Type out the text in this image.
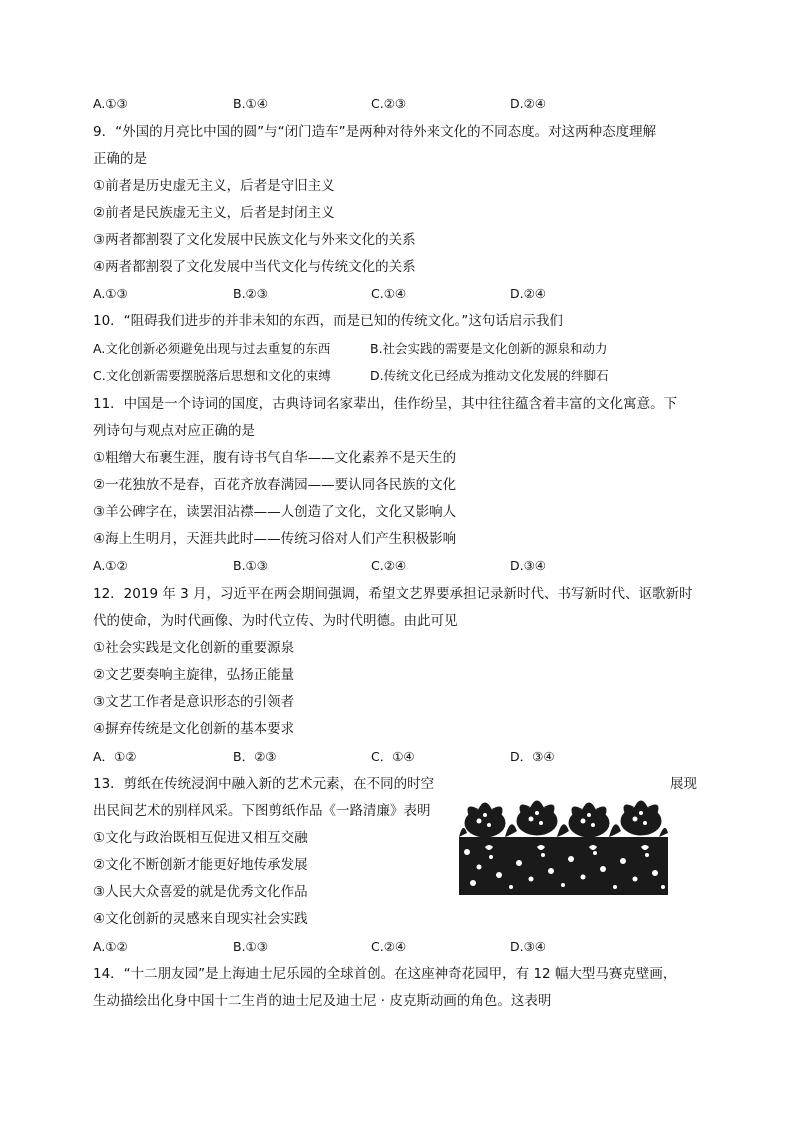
A.①③	B.①④	C.②③	D.②④
9．“外国的月亮比中国的圆”与“闭门造车”是两种对待外来文化的不同态度。对这两种态度理解
正确的是
①前者是历史虚无主义，后者是守旧主义
②前者是民族虚无主义，后者是封闭主义
③两者都割裂了文化发展中民族文化与外来文化的关系
④两者都割裂了文化发展中当代文化与传统文化的关系
A.①③	B.②③	C.①④	D.②④
10．“阻碍我们进步的并非未知的东西，而是已知的传统文化。”这句话启示我们
A.文化创新必须避免出现与过去重复的东西	B.社会实践的需要是文化创新的源泉和动力
C.文化创新需要摆脱落后思想和文化的束缚	D.传统文化已经成为推动文化发展的绊脚石
11．中国是一个诗词的国度，古典诗词名家辈出，佳作纷呈，其中往往蕴含着丰富的文化寓意。下
列诗句与观点对应正确的是
①粗缯大布裹生涯，腹有诗书气自华——文化素养不是天生的
②一花独放不是春，百花齐放春满园——要认同各民族的文化
③羊公碑字在，读罢泪沾襟——人创造了文化，文化又影响人
④海上生明月，天涯共此时——传统习俗对人们产生积极影响
A.①②	B.①③	C.②④	D.③④
12．2019 年 3 月，习近平在两会期间强调，希望文艺界要承担记录新时代、书写新时代、讴歌新时
代的使命，为时代画像、为时代立传、为时代明德。由此可见
①社会实践是文化创新的重要源泉
②文艺要奏响主旋律，弘扬正能量
③文艺工作者是意识形态的引领者
④摒弃传统是文化创新的基本要求
A．①②	B．②③	C．①④	D．③④
13．剪纸在传统浸润中融入新的艺术元素，在不同的时空	展现
出民间艺术的别样风采。下图剪纸作品《一路清廉》表明
①文化与政治既相互促进又相互交融
②文化不断创新才能更好地传承发展
③人民大众喜爱的就是优秀文化作品
④文化创新的灵感来自现实社会实践
A.①②	B.①③	C.②④	D.③④
14．“十二朋友园”是上海迪士尼乐园的全球首创。在这座神奇花园甲，有 12 幅大型马赛克壁画，
生动描绘出化身中国十二生肖的迪士尼及迪士尼 · 皮克斯动画的角色。这表明
